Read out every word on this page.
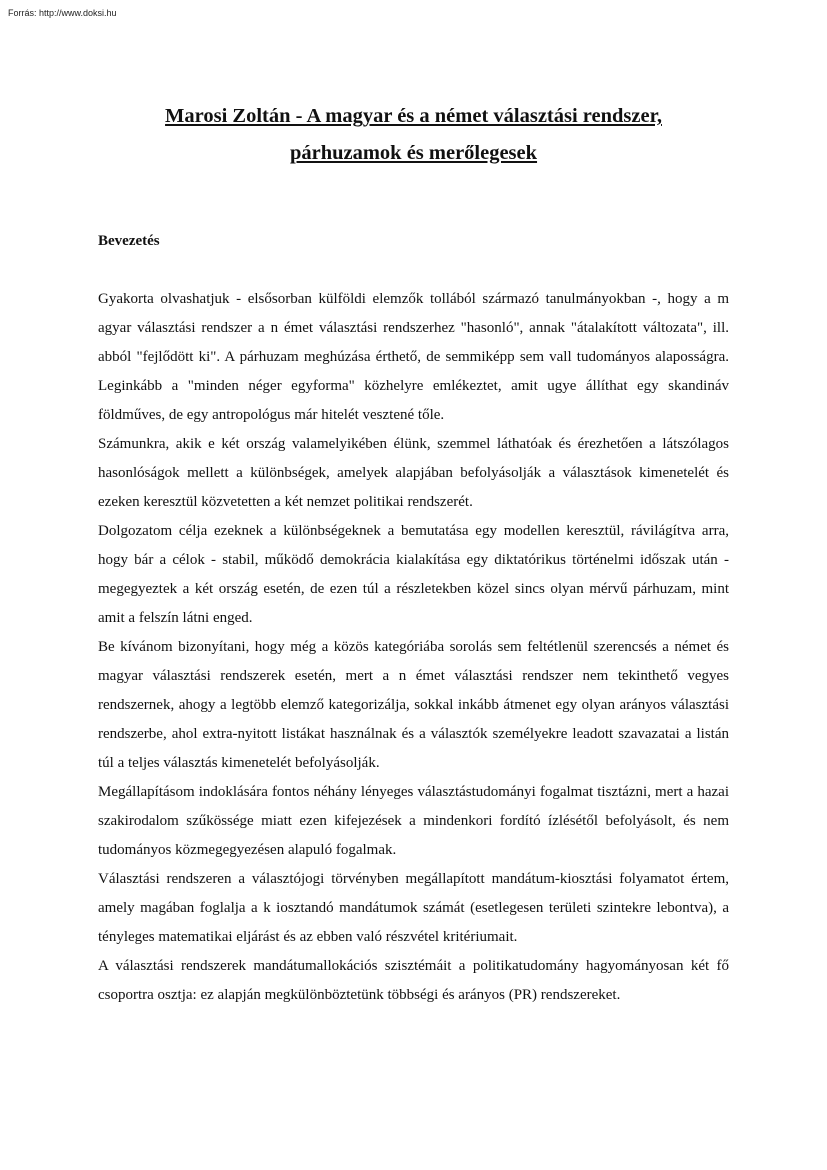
Forrás: http://www.doksi.hu
Marosi Zoltán - A magyar és a német választási rendszer,
párhuzamok és merőlegesek
Bevezetés

Gyakorta olvashatjuk - elsősorban külföldi elemzők tollából származó tanulmányokban -, hogy a m agyar választási rendszer a n émet választási rendszerhez "hasonló", annak "átalakított változata", ill. abból "fejlődött ki". A párhuzam meghúzása érthető, de semmiképp sem vall tudományos alaposságra. Leginkább a "minden néger egyforma" közhelyre emlékeztet, amit ugye állíthat egy skandináv földműves, de egy antropológus már hitelét vesztené tőle.

Számunkra, akik e két ország valamelyikében élünk, szemmel láthatóak és érezhetően a látszólagos hasonlóságok mellett a különbségek, amelyek alapjában befolyásolják a választások kimenetelét és ezeken keresztül közvetetten a két nemzet politikai rendszerét.

Dolgozatom célja ezeknek a különbségeknek a bemutatása egy modellen keresztül, rávilágítva arra, hogy bár a célok - stabil, működő demokrácia kialakítása egy diktatórikus történelmi időszak után - megegyeztek a két ország esetén, de ezen túl a részletekben közel sincs olyan mérvű párhuzam, mint amit a felszín látni enged.

Be kívánom bizonyítani, hogy még a közös kategóriába sorolás sem feltétlenül szerencsés a német és magyar választási rendszerek esetén, mert a n émet választási rendszer nem tekinthető vegyes rendszernek, ahogy a legtöbb elemző kategorizálja, sokkal inkább átmenet egy olyan arányos választási rendszerbe, ahol extra-nyitott listákat használnak és a választók személyekre leadott szavazatai a listán túl a teljes választás kimenetelét befolyásolják.

Megállapításom indoklására fontos néhány lényeges választástudományi fogalmat tisztázni, mert a hazai szakirodalom szűkössége miatt ezen kifejezések a mindenkori fordító ízlésétől befolyásolt, és nem tudományos közmegegyezésen alapuló fogalmak.

Választási rendszeren a választójogi törvényben megállapított mandátum-kiosztási folyamatot értem, amely magában foglalja a k iosztandó mandátumok számát (esetlegesen területi szintekre lebontva), a tényleges matematikai eljárást és az ebben való részvétel kritériumait.

A választási rendszerek mandátumallokációs szisztémáit a politikatudomány hagyományosan két fő csoportra osztja: ez alapján megkülönböztetünk többségi és arányos (PR) rendszereket.
